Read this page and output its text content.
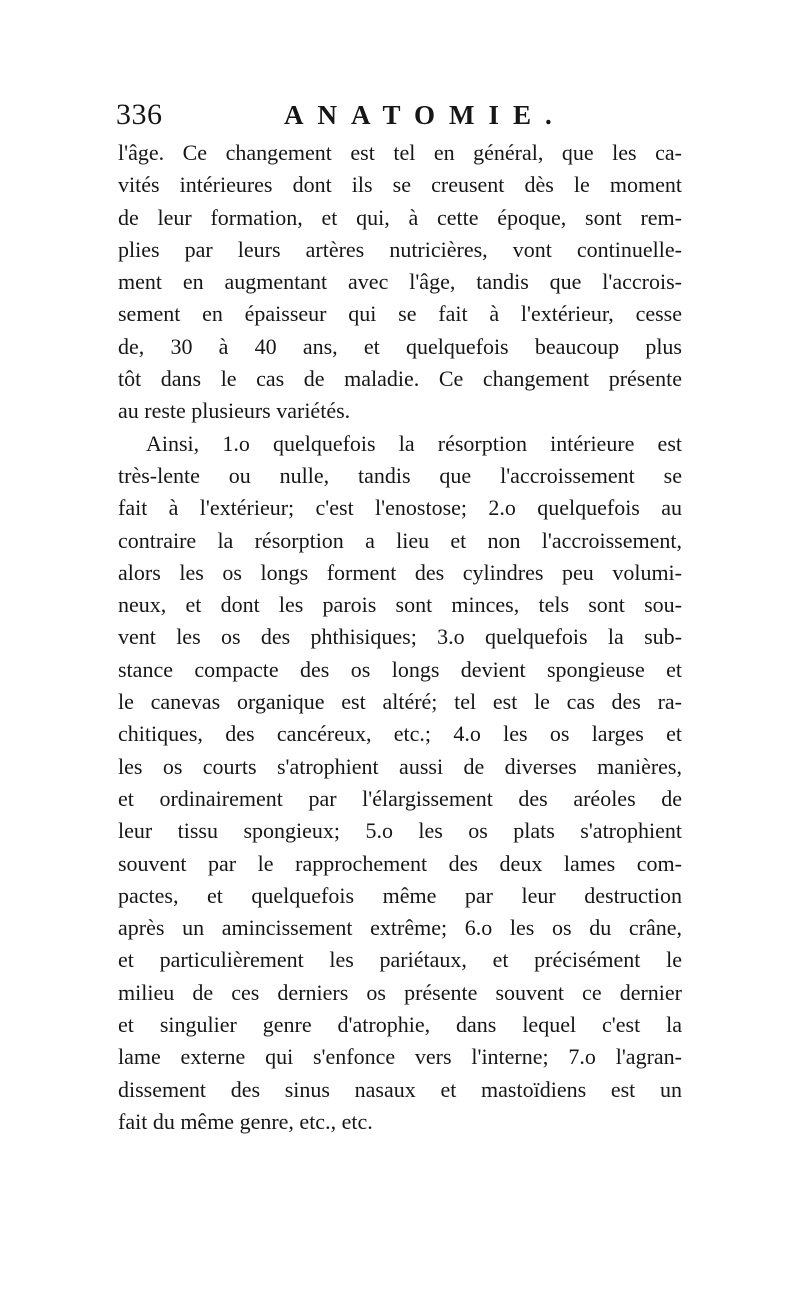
336	ANATOMIE.
l'âge. Ce changement est tel en général, que les ca-
vités intérieures dont ils se creusent dès le moment
de leur formation, et qui, à cette époque, sont rem-
plies par leurs artères nutricières, vont continuelle-
ment en augmentant avec l'âge, tandis que l'accrois-
sement en épaisseur qui se fait à l'extérieur, cesse
de, 30 à 40 ans, et quelquefois beaucoup plus
tôt dans le cas de maladie. Ce changement présente
au reste plusieurs variétés.
Ainsi, 1.o quelquefois la résorption intérieure est
très-lente ou nulle, tandis que l'accroissement se
fait à l'extérieur; c'est l'enostose; 2.o quelquefois au
contraire la résorption a lieu et non l'accroissement,
alors les os longs forment des cylindres peu volumi-
neux, et dont les parois sont minces, tels sont sou-
vent les os des phthisiques; 3.o quelquefois la sub-
stance compacte des os longs devient spongieuse et
le canevas organique est altéré; tel est le cas des ra-
chitiques, des cancéreux, etc.; 4.o les os larges et
les os courts s'atrophient aussi de diverses manières,
et ordinairement par l'élargissement des aréoles de
leur tissu spongieux; 5.o les os plats s'atrophient
souvent par le rapprochement des deux lames com-
pactes, et quelquefois même par leur destruction
après un amincissement extrême; 6.o les os du crâne,
et particulièrement les pariétaux, et précisément le
milieu de ces derniers os présente souvent ce dernier
et singulier genre d'atrophie, dans lequel c'est la
lame externe qui s'enfonce vers l'interne; 7.o l'agran-
dissement des sinus nasaux et mastoïdiens est un
fait du même genre, etc., etc.
